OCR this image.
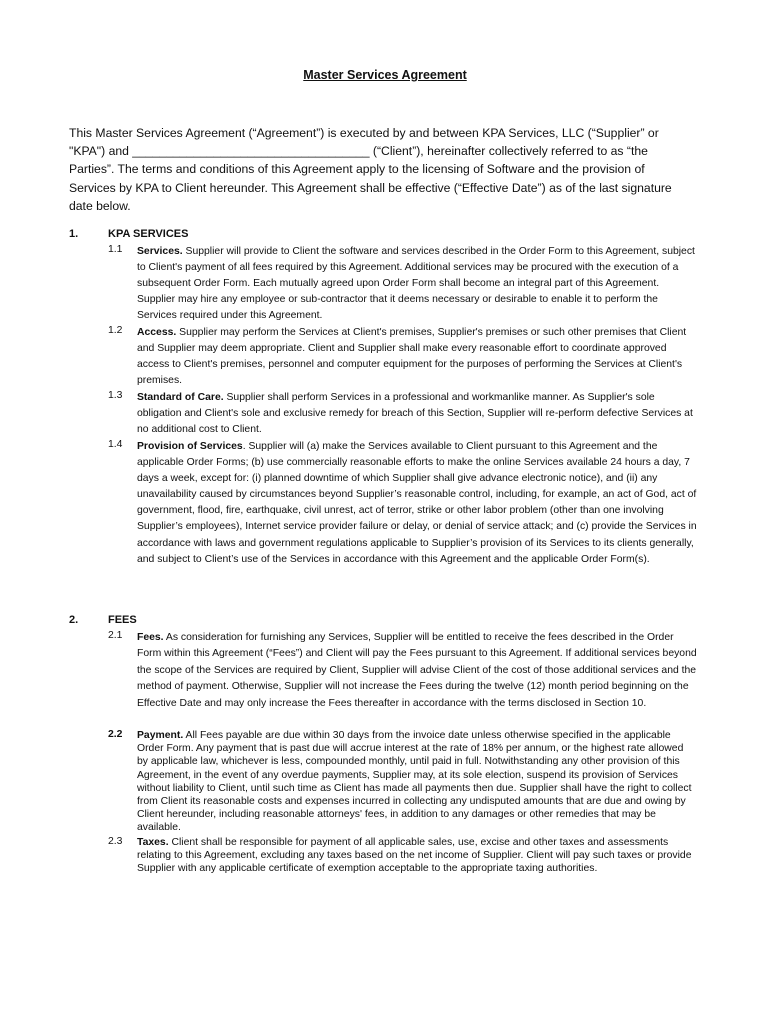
Master Services Agreement
This Master Services Agreement (“Agreement”) is executed by and between KPA Services, LLC (“Supplier” or "KPA") and ___________________________________ (“Client”), hereinafter collectively referred to as “the Parties”. The terms and conditions of this Agreement apply to the licensing of Software and the provision of Services by KPA to Client hereunder. This Agreement shall be effective (“Effective Date”) as of the last signature date below.
1.	KPA SERVICES
1.1 Services. Supplier will provide to Client the software and services described in the Order Form to this Agreement, subject to Client's payment of all fees required by this Agreement. Additional services may be procured with the execution of a subsequent Order Form. Each mutually agreed upon Order Form shall become an integral part of this Agreement. Supplier may hire any employee or sub-contractor that it deems necessary or desirable to enable it to perform the Services required under this Agreement.
1.2 Access. Supplier may perform the Services at Client's premises, Supplier's premises or such other premises that Client and Supplier may deem appropriate. Client and Supplier shall make every reasonable effort to coordinate approved access to Client's premises, personnel and computer equipment for the purposes of performing the Services at Client's premises.
1.3 Standard of Care. Supplier shall perform Services in a professional and workmanlike manner. As Supplier's sole obligation and Client's sole and exclusive remedy for breach of this Section, Supplier will re-perform defective Services at no additional cost to Client.
1.4 Provision of Services. Supplier will (a) make the Services available to Client pursuant to this Agreement and the applicable Order Forms; (b) use commercially reasonable efforts to make the online Services available 24 hours a day, 7 days a week, except for: (i) planned downtime of which Supplier shall give advance electronic notice), and (ii) any unavailability caused by circumstances beyond Supplier’s reasonable control, including, for example, an act of God, act of government, flood, fire, earthquake, civil unrest, act of terror, strike or other labor problem (other than one involving Supplier’s employees), Internet service provider failure or delay, or denial of service attack; and (c) provide the Services in accordance with laws and government regulations applicable to Supplier’s provision of its Services to its clients generally, and subject to Client’s use of the Services in accordance with this Agreement and the applicable Order Form(s).
2.	FEES
2.1 Fees. As consideration for furnishing any Services, Supplier will be entitled to receive the fees described in the Order Form within this Agreement (“Fees”) and Client will pay the Fees pursuant to this Agreement. If additional services beyond the scope of the Services are required by Client, Supplier will advise Client of the cost of those additional services and the method of payment. Otherwise, Supplier will not increase the Fees during the twelve (12) month period beginning on the Effective Date and may only increase the Fees thereafter in accordance with the terms disclosed in Section 10.
2.2 Payment. All Fees payable are due within 30 days from the invoice date unless otherwise specified in the applicable Order Form. Any payment that is past due will accrue interest at the rate of 18% per annum, or the highest rate allowed by applicable law, whichever is less, compounded monthly, until paid in full. Notwithstanding any other provision of this Agreement, in the event of any overdue payments, Supplier may, at its sole election, suspend its provision of Services without liability to Client, until such time as Client has made all payments then due. Supplier shall have the right to collect from Client its reasonable costs and expenses incurred in collecting any undisputed amounts that are due and owing by Client hereunder, including reasonable attorneys' fees, in addition to any damages or other remedies that may be available.
2.3 Taxes. Client shall be responsible for payment of all applicable sales, use, excise and other taxes and assessments relating to this Agreement, excluding any taxes based on the net income of Supplier. Client will pay such taxes or provide Supplier with any applicable certificate of exemption acceptable to the appropriate taxing authorities.
